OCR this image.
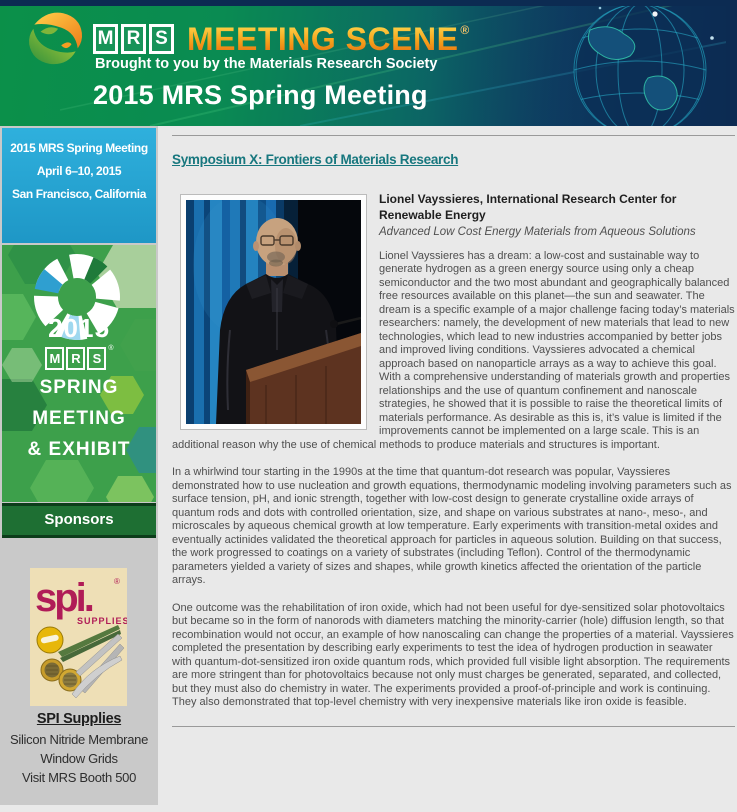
M R S MEETING SCENE ®
Brought to you by the Materials Research Society
2015 MRS Spring Meeting
2015 MRS Spring Meeting
April 6–10, 2015
San Francisco, California
2015
M R S
®
SPRING
MEETING
& EXHIBIT
Sponsors
spi.	®
SUPPLIES
SPI Supplies
Silicon Nitride Membrane
Window Grids
Visit MRS Booth 500
Symposium X: Frontiers of Materials Research

Lionel Vayssieres, International Research Center for Renewable Energy

Advanced Low Cost Energy Materials from Aqueous Solutions

Lionel Vayssieres has a dream: a low-cost and sustainable way to generate hydrogen as a green energy source using only a cheap semiconductor and the two most abundant and geographically balanced free resources available on this planet—the sun and seawater. The dream is a specific example of a major challenge facing today’s materials researchers: namely, the development of new materials that lead to new technologies, which lead to new industries accompanied by better jobs and improved living conditions. Vayssieres advocated a chemical approach based on nanoparticle arrays as a way to achieve this goal. With a comprehensive understanding of materials growth and properties relationships and the use of quantum confinement and nanoscale strategies, he showed that it is possible to raise the theoretical limits of materials performance. As desirable as this is, it’s value is limited if the improvements cannot be implemented on a large scale. This is an additional reason why the use of chemical methods to produce materials and structures is important.

In a whirlwind tour starting in the 1990s at the time that quantum-dot research was popular, Vayssieres demonstrated how to use nucleation and growth equations, thermodynamic modeling involving parameters such as surface tension, pH, and ionic strength, together with low-cost design to generate crystalline oxide arrays of quantum rods and dots with controlled orientation, size, and shape on various substrates at nano-, meso-, and microscales by aqueous chemical growth at low temperature. Early experiments with transition-metal oxides and eventually actinides validated the theoretical approach for particles in aqueous solution. Building on that success, the work progressed to coatings on a variety of substrates (including Teflon). Control of the thermodynamic parameters yielded a variety of sizes and shapes, while growth kinetics affected the orientation of the particle arrays.

One outcome was the rehabilitation of iron oxide, which had not been useful for dye-sensitized solar photovoltaics but became so in the form of nanorods with diameters matching the minority-carrier (hole) diffusion length, so that recombination would not occur, an example of how nanoscaling can change the properties of a material. Vayssieres completed the presentation by describing early experiments to test the idea of hydrogen production in seawater with quantum-dot-sensitized iron oxide quantum rods, which provided full visible light absorption. The requirements are more stringent than for photovoltaics because not only must charges be generated, separated, and collected, but they must also do chemistry in water. The experiments provided a proof-of-principle and work is continuing. They also demonstrated that top-level chemistry with very inexpensive materials like iron oxide is feasible.
